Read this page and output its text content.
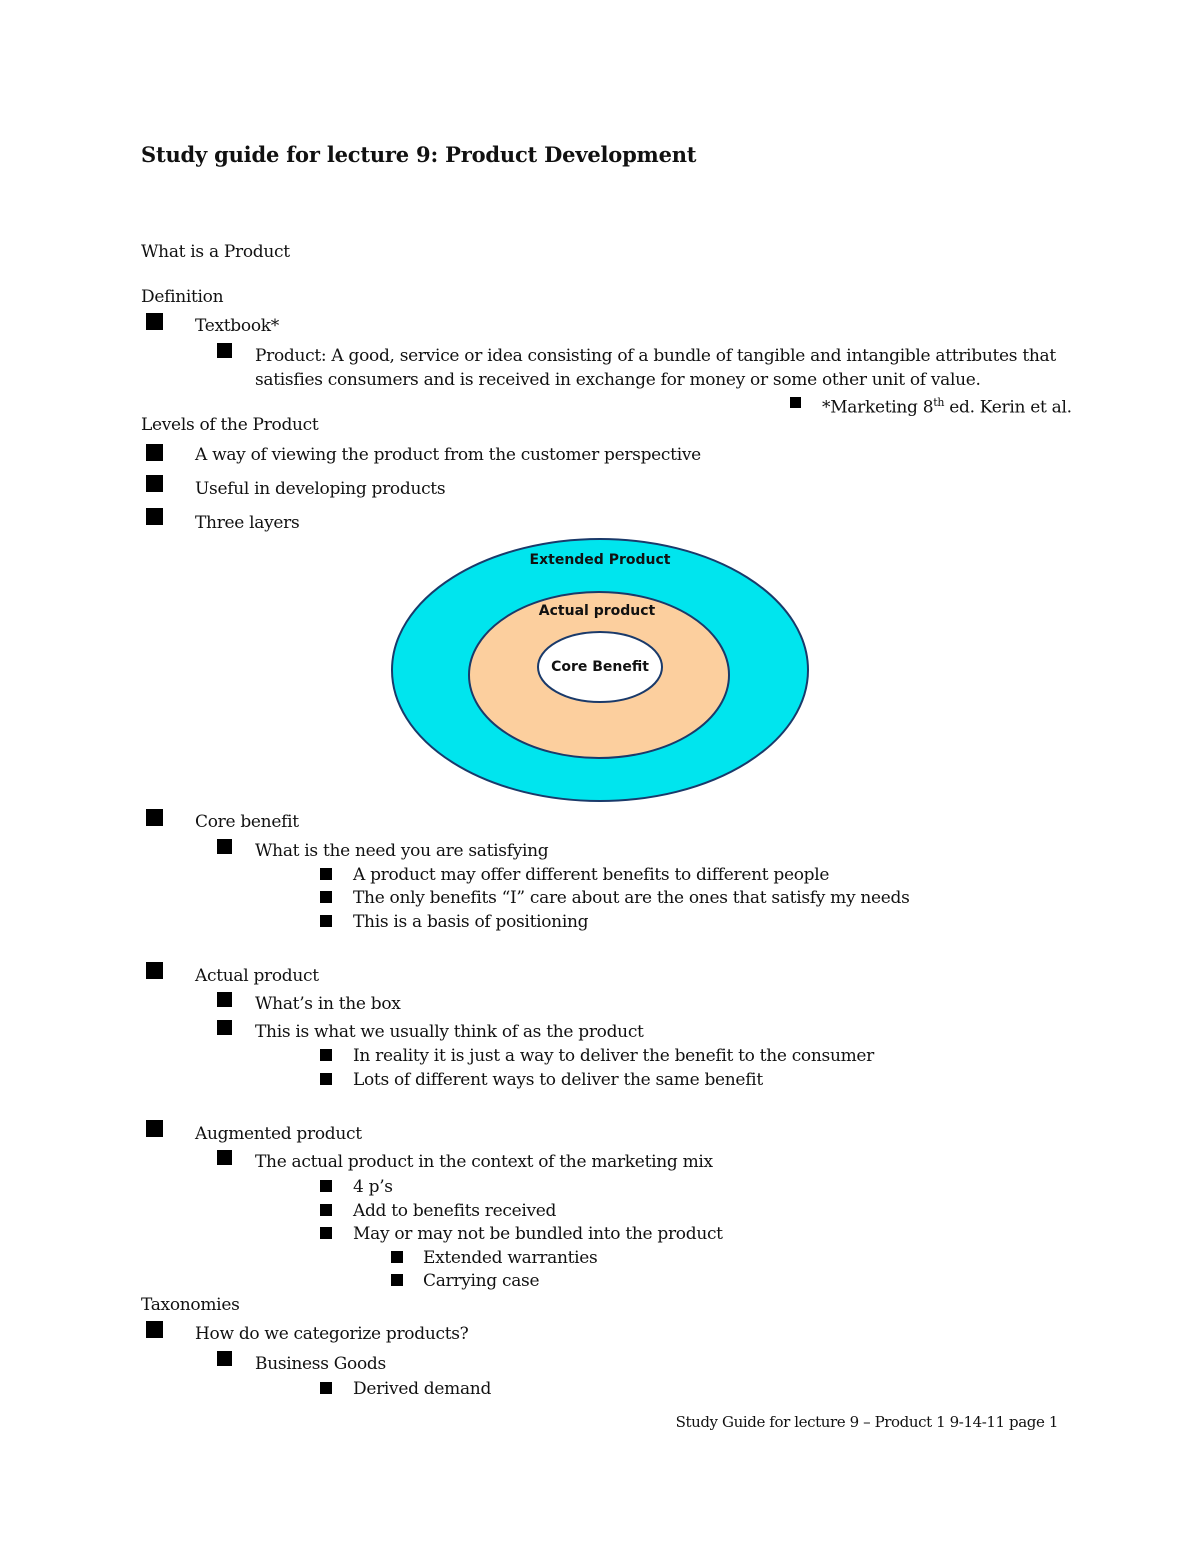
Study guide for lecture 9: Product Development
What is a Product
Definition
Textbook*
Product: A good, service or idea consisting of a bundle of tangible and intangible attributes that
satisfies consumers and is received in exchange for money or some other unit of value.
*Marketing 8th ed. Kerin et al.
Levels of the Product
A way of viewing the product from the customer perspective
Useful in developing products
Three layers
Extended Product
Actual product
Core Benefit
Core benefit
What is the need you are satisfying
A product may offer different benefits to different people
The only benefits “I” care about are the ones that satisfy my needs
This is a basis of positioning
Actual product
What’s in the box
This is what we usually think of as the product
In reality it is just a way to deliver the benefit to the consumer
Lots of different ways to deliver the same benefit
Augmented product
The actual product in the context of the marketing mix
4 p’s
Add to benefits received
May or may not be bundled into the product
Extended warranties
Carrying case
Taxonomies
How do we categorize products?
Business Goods
Derived demand
Study Guide for lecture 9 – Product 1 9-14-11 page 1
